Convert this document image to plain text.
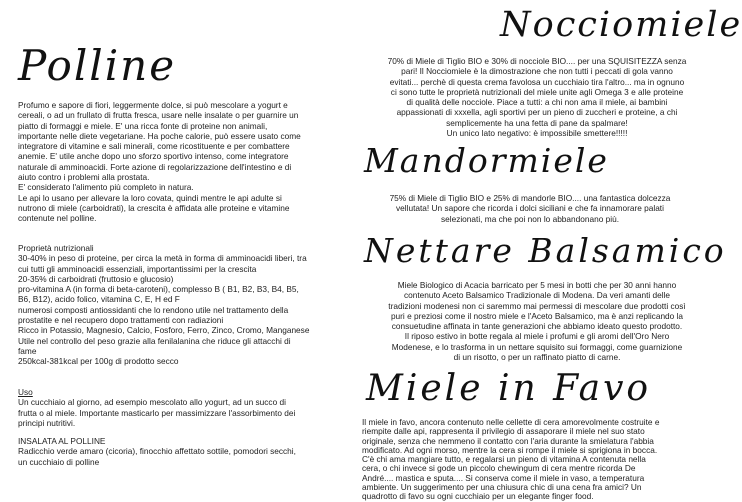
Polline

Profumo e sapore di fiori, leggermente dolce, si può mescolare a yogurt e

cereali, o ad un frullato di frutta fresca, usare nelle insalate o per guarnire un

piatto di formaggi e miele. E' una ricca fonte di proteine non animali,

importante nelle diete vegetariane. Ha poche calorie, può essere usato come

integratore di vitamine e sali minerali, come ricostituente e per combattere

anemie. E' utile anche dopo uno sforzo sportivo intenso, come integratore

naturale di amminoacidi. Forte azione di regolarizzazione dell'intestino e di

aiuto contro i problemi alla prostata.

E' considerato l'alimento più completo in natura.

Le api lo usano per allevare la loro covata, quindi mentre le api adulte si

nutrono di miele (carboidrati), la crescita è affidata alle proteine e vitamine

contenute nel polline.

Proprietà nutrizionali

30-40% in peso di proteine, per circa la metà in forma di amminoacidi liberi, tra

cui tutti gli amminoacidi essenziali, importantissimi per la crescita

20-35% di carboidrati (fruttosio e glucosio)

pro-vitamina A (in forma di beta-caroteni), complesso B ( B1, B2, B3, B4, B5,

B6, B12), acido folico, vitamina C, E, H ed F

numerosi composti antiossidanti che lo rendono utile nel trattamento della

prostatite e nel recupero dopo trattamenti con radiazioni

Ricco in Potassio, Magnesio, Calcio, Fosforo, Ferro, Zinco, Cromo, Manganese

Utile nel controllo del peso grazie alla fenilalanina che riduce gli attacchi di

fame

250kcal-381kcal per 100g di prodotto secco

Uso

Un cucchiaio al giorno, ad esempio mescolato allo yogurt, ad un succo di

frutta o al miele. Importante masticarlo per massimizzare l'assorbimento dei

principi nutritivi.

INSALATA AL POLLINE

Radicchio verde amaro (cicoria), finocchio affettato sottile, pomodori secchi,

un cucchiaio di polline

Nocciomiele

70% di Miele di Tiglio BIO e 30% di nocciole BIO.... per una SQUISITEZZA senza

pari! Il Nocciomiele è la dimostrazione che non tutti i peccati di gola vanno

evitati... perchè di questa crema favolosa un cucchiaio tira l'altro... ma in ognuno

ci sono tutte le proprietà nutrizionali del miele unite agli Omega 3 e alle proteine

di qualità delle nocciole. Piace a tutti: a chi non ama il miele, ai bambini

appassionati di xxxella, agli sportivi per un pieno di zuccheri e proteine, a chi

semplicemente ha una fetta di pane da spalmare!

Un unico lato negativo: è impossibile smettere!!!!!

Mandormiele

75% di Miele di Tiglio BIO e 25% di mandorle BIO.... una fantastica dolcezza

vellutata! Un sapore che ricorda i dolci siciliani e che fa innamorare palati

selezionati, ma che poi non lo abbandonano più.

Nettare Balsamico

Miele Biologico di Acacia barricato per 5 mesi in botti che per 30 anni hanno

contenuto Aceto Balsamico Tradizionale di Modena. Da veri amanti delle

tradizioni modenesi non ci saremmo mai permessi di mescolare due prodotti così

puri e preziosi come il nostro miele e l'Aceto Balsamico, ma è anzi replicando la

consuetudine affinata in tante generazioni che abbiamo ideato questo prodotto.

Il riposo estivo in botte regala al miele i profumi e gli aromi dell'Oro Nero

Modenese, e lo trasforma in un nettare squisito sui formaggi, come guarnizione

di un risotto, o per un raffinato piatto di carne.

Miele in Favo

Il miele in favo, ancora contenuto nelle cellette di cera amorevolmente costruite e

riempite dalle api, rappresenta il privilegio di assaporare il miele nel suo stato

originale, senza che nemmeno il contatto con l'aria durante la smielatura l'abbia

modificato. Ad ogni morso, mentre la cera si rompe il miele si sprigiona in bocca.

C'è chi ama mangiare tutto, e regalarsi un pieno di vitamina A contenuta nella

cera, o chi invece si gode un piccolo chewingum di cera mentre ricorda De

André.... mastica e sputa.... Si conserva come il miele in vaso, a temperatura

ambiente. Un suggerimento per una chiusura chic di una cena fra amici? Un

quadrotto di favo su ogni cucchiaio per un elegante finger food.
